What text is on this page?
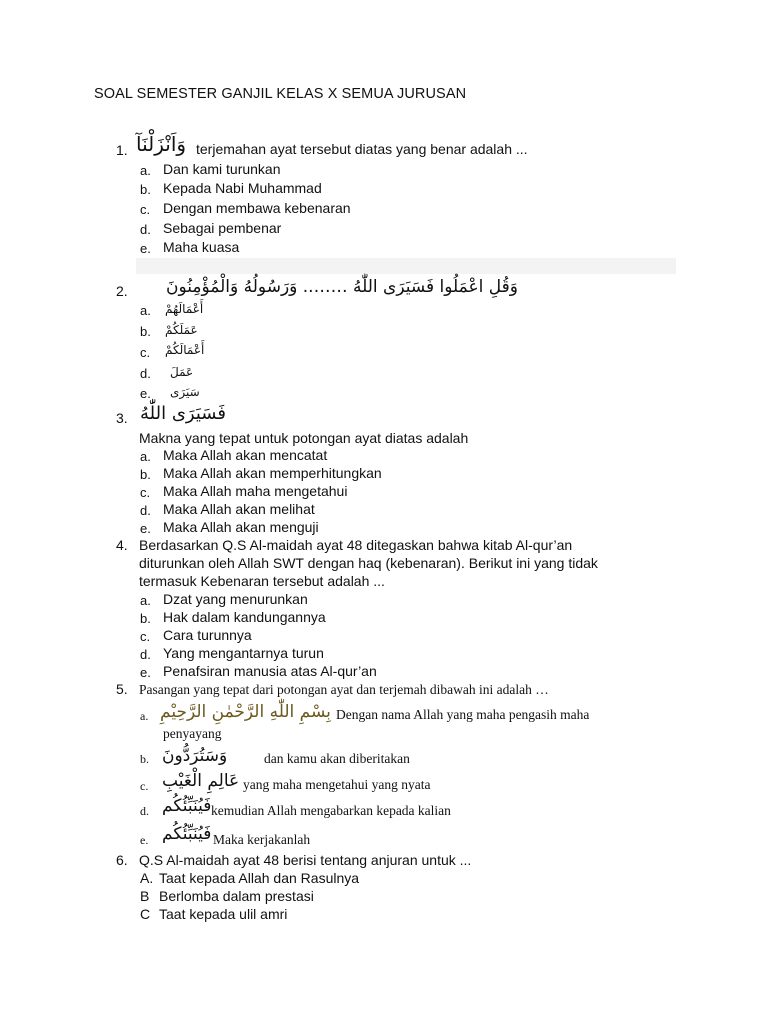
SOAL SEMESTER GANJIL KELAS X SEMUA JURUSAN
1. وَاَنْزَلْنَآ terjemahan ayat tersebut diatas yang benar adalah ...
a. Dan kami turunkan
b. Kepada Nabi Muhammad
c. Dengan membawa kebenaran
d. Sebagai pembenar
e. Maha kuasa
2.	وَقُلِ اعْمَلُوا فَسَيَرَى اللّٰهُ …….. وَرَسُولُهُ وَالْمُؤْمِنُونَ
a. أَعْمَالَهُمْ
b. عَمَلَكُمْ
c. أَعْمَالَكُمْ
d. عَمَلَ
e. سَيَرَى
3. فَسَيَرَى اللّٰهُ
Makna yang tepat untuk potongan ayat diatas adalah
a. Maka Allah akan mencatat
b. Maka Allah akan memperhitungkan
c. Maka Allah maha mengetahui
d. Maka Allah akan melihat
e. Maka Allah akan menguji
4. Berdasarkan Q.S Al-maidah ayat 48 ditegaskan bahwa kitab Al-qur’an
diturunkan oleh Allah SWT dengan haq (kebenaran). Berikut ini yang tidak
termasuk Kebenaran tersebut adalah ...
a. Dzat yang menurunkan
b. Hak dalam kandungannya
c. Cara turunnya
d. Yang mengantarnya turun
e. Penafsiran manusia atas Al-qur’an
5. Pasangan yang tepat dari potongan ayat dan terjemah dibawah ini adalah …
a. بِسْمِ اللّٰهِ الرَّحْمٰنِ الرَّحِيْمِ Dengan nama Allah yang maha pengasih maha
penyayang
b. وَسَتُرَدُّونَ	dan kamu akan diberitakan
c. عَالِمِ الْغَيْبِ yang maha mengetahui yang nyata
d. فَيُنَبِّئُكُم kemudian Allah mengabarkan kepada kalian
e. فَيُنَبِّئُكُم Maka kerjakanlah
6. Q.S Al-maidah ayat 48 berisi tentang anjuran untuk ...
A. Taat kepada Allah dan Rasulnya
B Berlomba dalam prestasi
C Taat kepada ulil amri
